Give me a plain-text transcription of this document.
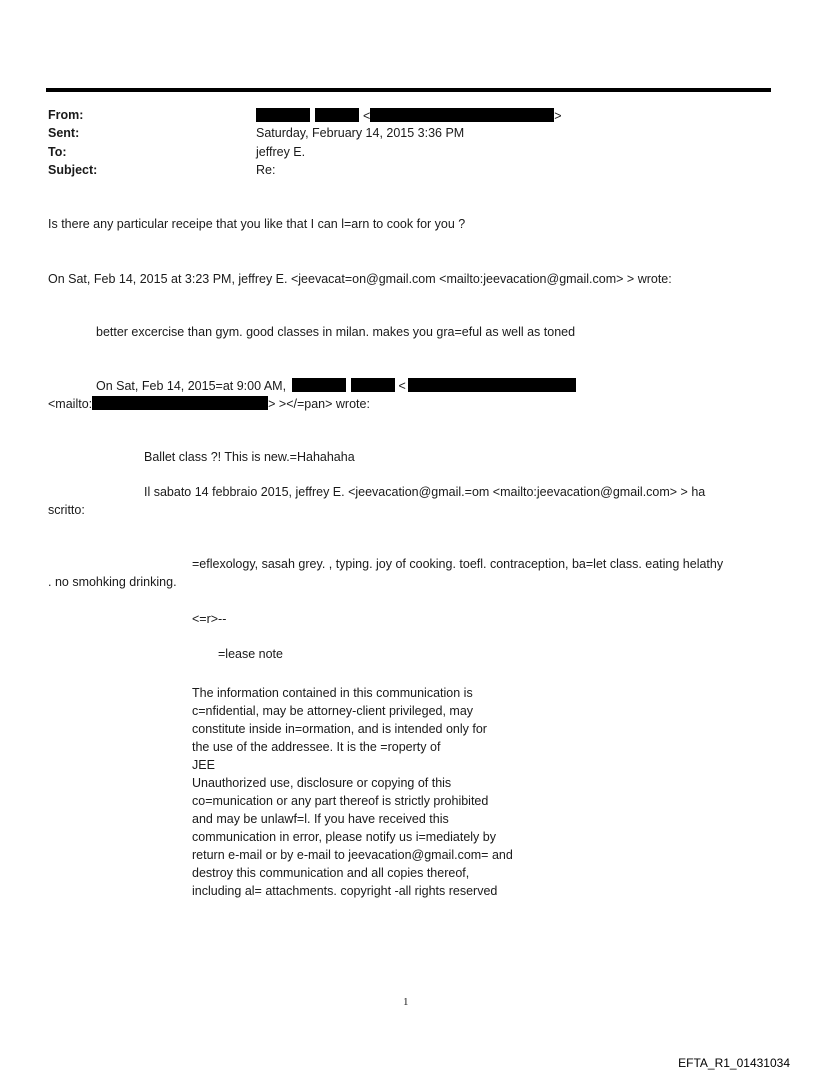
From:	<	>
Sent:	Saturday, February 14, 2015 3:36 PM
To:	jeffrey E.
Subject:	Re:
Is there any particular receipe that you like that I can l=arn to cook for you ?
On Sat, Feb 14, 2015 at 3:23 PM, jeffrey E. <jeevacat=on@gmail.com <mailto:jeevacation@gmail.com> > wrote:
better excercise than gym. good classes in milan. makes you gra=eful as well as toned
On Sat, Feb 14, 2015=at 9:00 AM,	<
<mailto:	> ></=pan> wrote:
Ballet class ?! This is new.=Hahahaha
Il sabato 14 febbraio 2015, jeffrey E. <jeevacation@gmail.=om <mailto:jeevacation@gmail.com> > ha
scritto:
=eflexology, sasah grey. , typing. joy of cooking. toefl. contraception, ba=let class. eating helathy
. no smohking drinking.
<=r>--
=lease note
The information contained in this communication is
c=nfidential, may be attorney-client privileged, may
constitute inside in=ormation, and is intended only for
the use of the addressee. It is the =roperty of
JEE
Unauthorized use, disclosure or copying of this
co=munication or any part thereof is strictly prohibited
and may be unlawf=l. If you have received this
communication in error, please notify us i=mediately by
return e-mail or by e-mail to jeevacation@gmail.com= and
destroy this communication and all copies thereof,
including al= attachments. copyright -all rights reserved
1
EFTA_R1_01431034
